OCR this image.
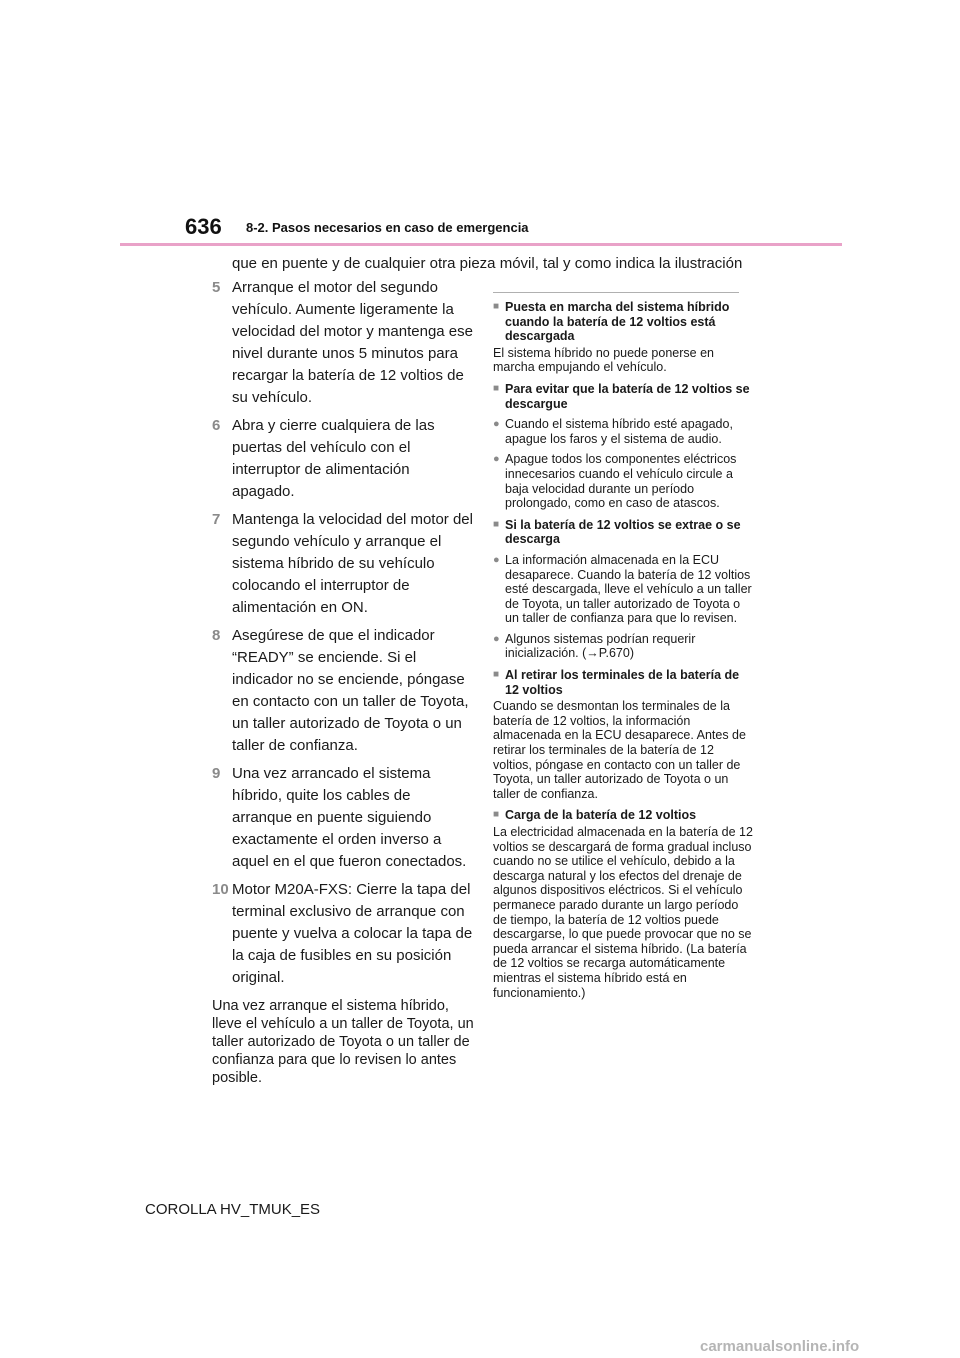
636 8-2. Pasos necesarios en caso de emergencia
que en puente y de cualquier otra pieza móvil, tal y como indica la ilustración
5 Arranque el motor del segundo vehículo. Aumente ligeramente la velocidad del motor y mantenga ese nivel durante unos 5 minutos para recargar la batería de 12 voltios de su vehículo.
6 Abra y cierre cualquiera de las puertas del vehículo con el interruptor de alimentación apagado.
7 Mantenga la velocidad del motor del segundo vehículo y arranque el sistema híbrido de su vehículo colocando el interruptor de alimentación en ON.
8 Asegúrese de que el indicador “READY” se enciende. Si el indicador no se enciende, póngase en contacto con un taller de Toyota, un taller autorizado de Toyota o un taller de confianza.
9 Una vez arrancado el sistema híbrido, quite los cables de arranque en puente siguiendo exactamente el orden inverso a aquel en el que fueron conectados.
10 Motor M20A-FXS: Cierre la tapa del terminal exclusivo de arranque con puente y vuelva a colocar la tapa de la caja de fusibles en su posición original.
Una vez arranque el sistema híbrido, lleve el vehículo a un taller de Toyota, un taller autorizado de Toyota o un taller de confianza para que lo revisen lo antes posible.
■ Puesta en marcha del sistema híbrido cuando la batería de 12 voltios está descargada
El sistema híbrido no puede ponerse en marcha empujando el vehículo.
■ Para evitar que la batería de 12 voltios se descargue
● Cuando el sistema híbrido esté apagado, apague los faros y el sistema de audio.
● Apague todos los componentes eléctricos innecesarios cuando el vehículo circule a baja velocidad durante un período prolongado, como en caso de atascos.
■ Si la batería de 12 voltios se extrae o se descarga
● La información almacenada en la ECU desaparece. Cuando la batería de 12 voltios esté descargada, lleve el vehículo a un taller de Toyota, un taller autorizado de Toyota o un taller de confianza para que lo revisen.
● Algunos sistemas podrían requerir inicialización. (→P.670)
■ Al retirar los terminales de la batería de 12 voltios
Cuando se desmontan los terminales de la batería de 12 voltios, la información almacenada en la ECU desaparece. Antes de retirar los terminales de la batería de 12 voltios, póngase en contacto con un taller de Toyota, un taller autorizado de Toyota o un taller de confianza.
■ Carga de la batería de 12 voltios
La electricidad almacenada en la batería de 12 voltios se descargará de forma gradual incluso cuando no se utilice el vehículo, debido a la descarga natural y los efectos del drenaje de algunos dispositivos eléctricos. Si el vehículo permanece parado durante un largo período de tiempo, la batería de 12 voltios puede descargarse, lo que puede provocar que no se pueda arrancar el sistema híbrido. (La batería de 12 voltios se recarga automáticamente mientras el sistema híbrido está en funcionamiento.)
COROLLA HV_TMUK_ES
carmanualsonline.info
